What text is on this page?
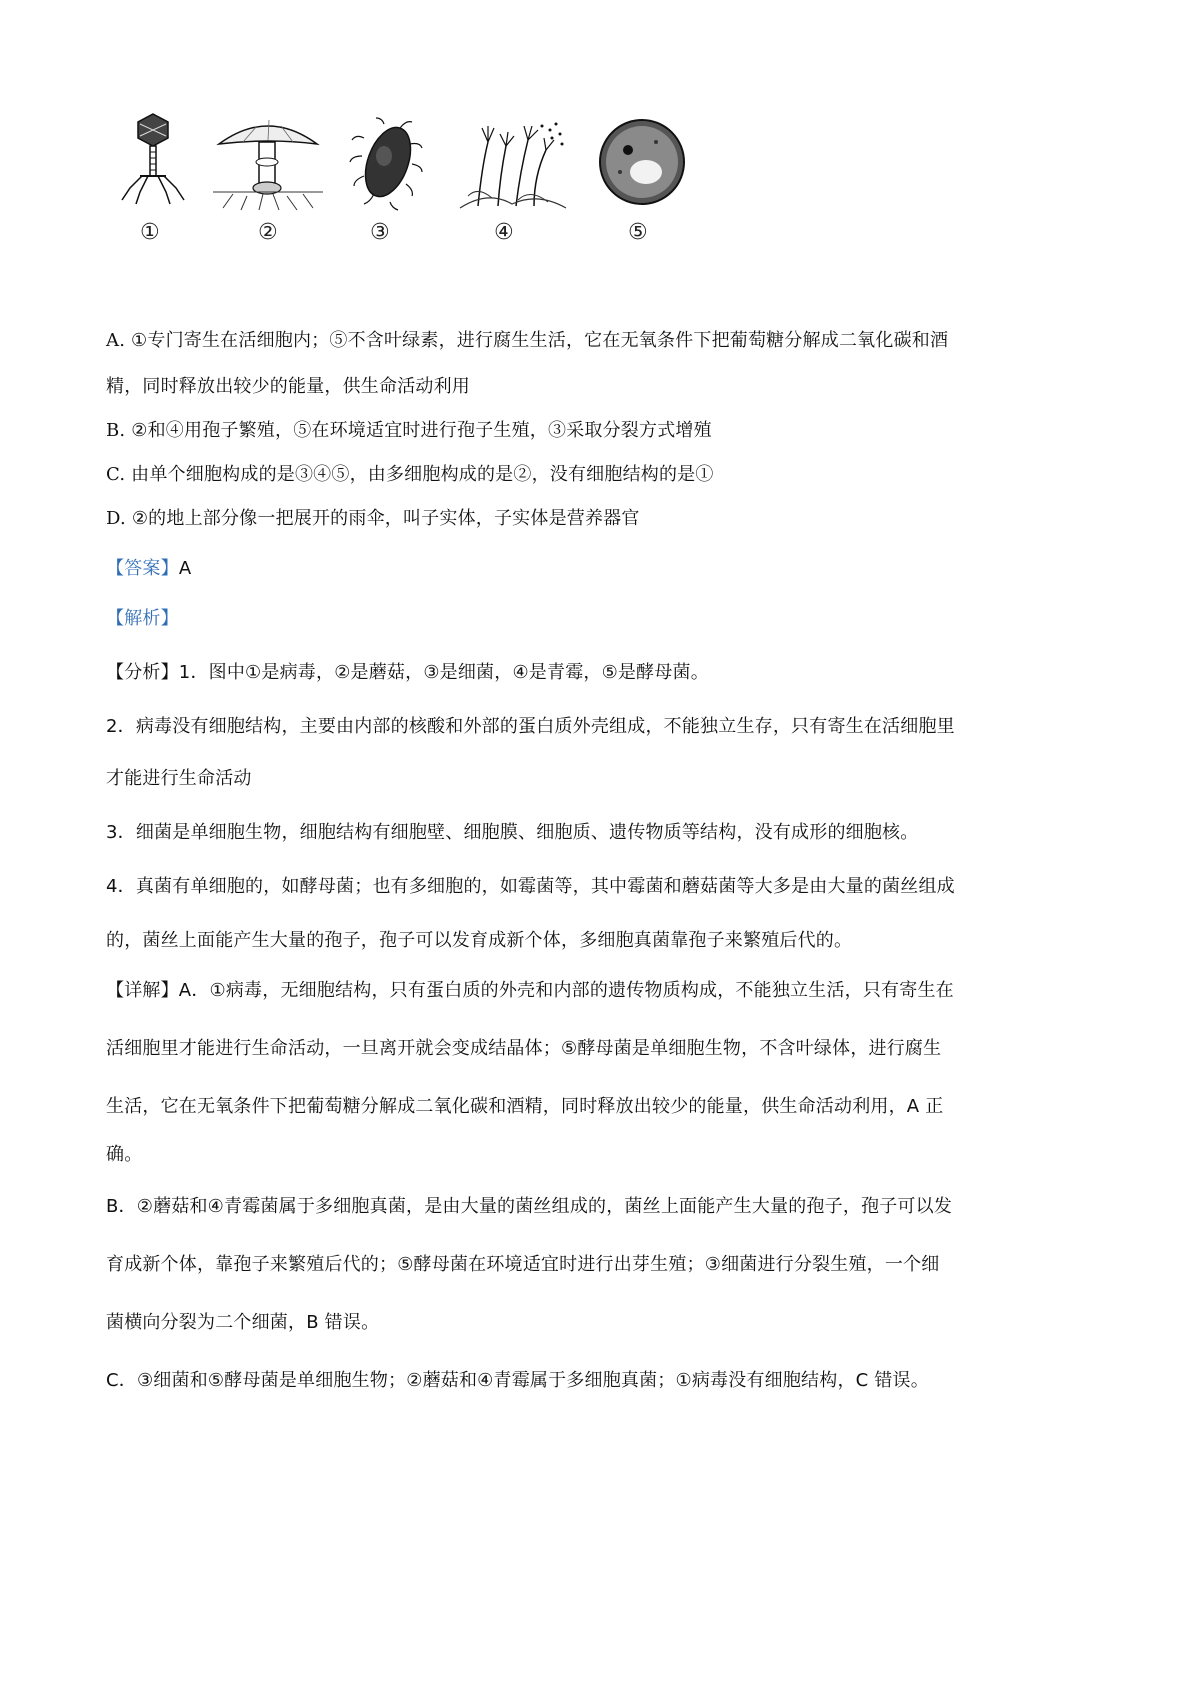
①	②	③	④	⑤
A. ①专门寄生在活细胞内；⑤不含叶绿素，进行腐生生活，它在无氧条件下把葡萄糖分解成二氧化碳和酒
精，同时释放出较少的能量，供生命活动利用
B. ②和④用孢子繁殖，⑤在环境适宜时进行孢子生殖，③采取分裂方式增殖
C. 由单个细胞构成的是③④⑤，由多细胞构成的是②，没有细胞结构的是①
D. ②的地上部分像一把展开的雨伞，叫子实体，子实体是营养器官
【答案】A
【解析】
【分析】1．图中①是病毒，②是蘑菇，③是细菌，④是青霉，⑤是酵母菌。
2．病毒没有细胞结构，主要由内部的核酸和外部的蛋白质外壳组成，不能独立生存，只有寄生在活细胞里
才能进行生命活动
3．细菌是单细胞生物，细胞结构有细胞壁、细胞膜、细胞质、遗传物质等结构，没有成形的细胞核。
4．真菌有单细胞的，如酵母菌；也有多细胞的，如霉菌等，其中霉菌和蘑菇菌等大多是由大量的菌丝组成
的，菌丝上面能产生大量的孢子，孢子可以发育成新个体，多细胞真菌靠孢子来繁殖后代的。
【详解】A．①病毒，无细胞结构，只有蛋白质的外壳和内部的遗传物质构成，不能独立生活，只有寄生在
活细胞里才能进行生命活动，一旦离开就会变成结晶体；⑤酵母菌是单细胞生物，不含叶绿体，进行腐生
生活，它在无氧条件下把葡萄糖分解成二氧化碳和酒精，同时释放出较少的能量，供生命活动利用，A 正
确。
B．②蘑菇和④青霉菌属于多细胞真菌，是由大量的菌丝组成的，菌丝上面能产生大量的孢子，孢子可以发
育成新个体，靠孢子来繁殖后代的；⑤酵母菌在环境适宜时进行出芽生殖；③细菌进行分裂生殖，一个细
菌横向分裂为二个细菌，B 错误。
C．③细菌和⑤酵母菌是单细胞生物；②蘑菇和④青霉属于多细胞真菌；①病毒没有细胞结构，C 错误。
